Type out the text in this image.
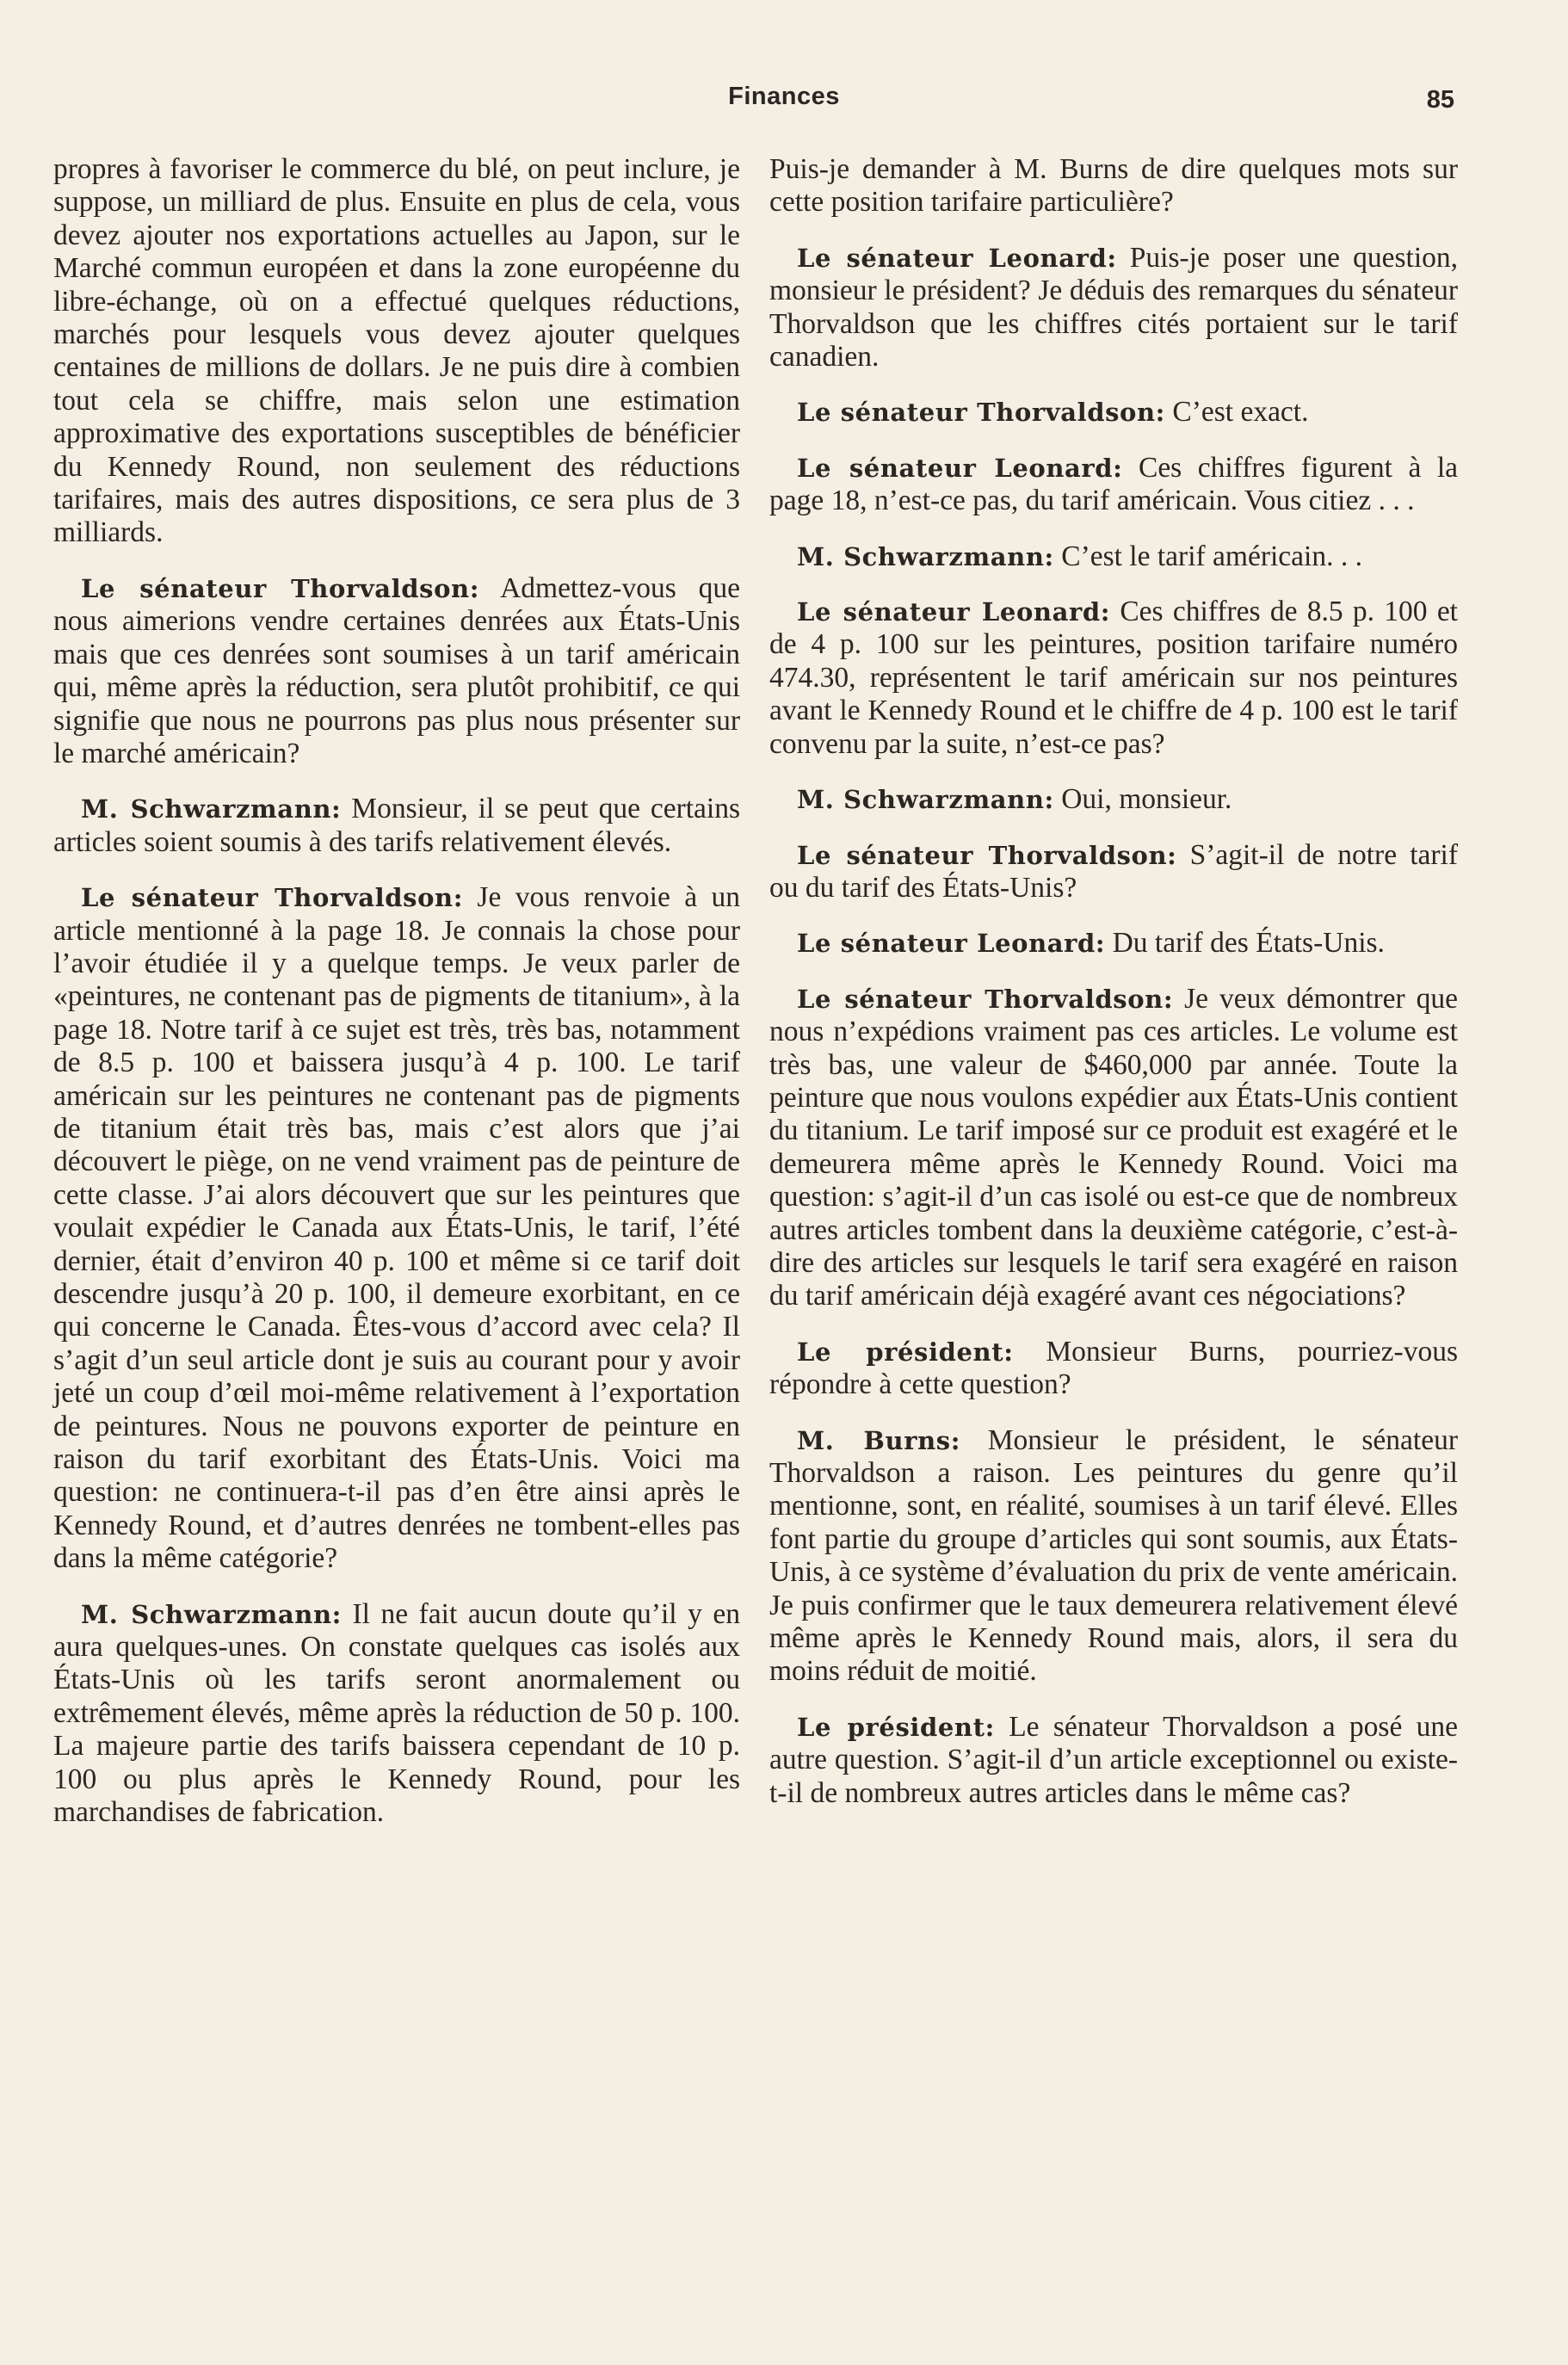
Finances	85

propres à favoriser le commerce du blé, on peut inclure, je suppose, un milliard de plus. Ensuite en plus de cela, vous devez ajouter nos exportations actuelles au Japon, sur le Marché commun européen et dans la zone européenne du libre-échange, où on a effectué quelques réductions, marchés pour lesquels vous devez ajouter quelques centaines de millions de dollars. Je ne puis dire à combien tout cela se chiffre, mais selon une estimation approximative des exportations susceptibles de bénéficier du Kennedy Round, non seulement des réductions tarifaires, mais des autres dispositions, ce sera plus de 3 milliards.

Le sénateur Thorvaldson: Admettez-vous que nous aimerions vendre certaines denrées aux États-Unis mais que ces denrées sont soumises à un tarif américain qui, même après la réduction, sera plutôt prohibitif, ce qui signifie que nous ne pourrons pas plus nous présenter sur le marché américain?

M. Schwarzmann: Monsieur, il se peut que certains articles soient soumis à des tarifs relativement élevés.

Le sénateur Thorvaldson: Je vous renvoie à un article mentionné à la page 18. Je connais la chose pour l’avoir étudiée il y a quelque temps. Je veux parler de «peintures, ne contenant pas de pigments de titanium», à la page 18. Notre tarif à ce sujet est très, très bas, notamment de 8.5 p. 100 et baissera jusqu’à 4 p. 100. Le tarif américain sur les peintures ne contenant pas de pigments de titanium était très bas, mais c’est alors que j’ai découvert le piège, on ne vend vraiment pas de peinture de cette classe. J’ai alors découvert que sur les peintures que voulait expédier le Canada aux États-Unis, le tarif, l’été dernier, était d’environ 40 p. 100 et même si ce tarif doit descendre jusqu’à 20 p. 100, il demeure exorbitant, en ce qui concerne le Canada. Êtes-vous d’accord avec cela? Il s’agit d’un seul article dont je suis au courant pour y avoir jeté un coup d’œil moi-même relativement à l’exportation de peintures. Nous ne pouvons exporter de peinture en raison du tarif exorbitant des États-Unis. Voici ma question: ne continuera-t-il pas d’en être ainsi après le Kennedy Round, et d’autres denrées ne tombent-elles pas dans la même catégorie?

M. Schwarzmann: Il ne fait aucun doute qu’il y en aura quelques-unes. On constate quelques cas isolés aux États-Unis où les tarifs seront anormalement ou extrêmement élevés, même après la réduction de 50 p. 100. La majeure partie des tarifs baissera cependant de 10 p. 100 ou plus après le Kennedy Round, pour les marchandises de fabrication.

Puis-je demander à M. Burns de dire quelques mots sur cette position tarifaire particulière?

Le sénateur Leonard: Puis-je poser une question, monsieur le président? Je déduis des remarques du sénateur Thorvaldson que les chiffres cités portaient sur le tarif canadien.

Le sénateur Thorvaldson: C’est exact.

Le sénateur Leonard: Ces chiffres figurent à la page 18, n’est-ce pas, du tarif américain. Vous citiez . . .

M. Schwarzmann: C’est le tarif américain. . .

Le sénateur Leonard: Ces chiffres de 8.5 p. 100 et de 4 p. 100 sur les peintures, position tarifaire numéro 474.30, représentent le tarif américain sur nos peintures avant le Kennedy Round et le chiffre de 4 p. 100 est le tarif convenu par la suite, n’est-ce pas?

M. Schwarzmann: Oui, monsieur.

Le sénateur Thorvaldson: S’agit-il de notre tarif ou du tarif des États-Unis?

Le sénateur Leonard: Du tarif des États-Unis.

Le sénateur Thorvaldson: Je veux démontrer que nous n’expédions vraiment pas ces articles. Le volume est très bas, une valeur de $460,000 par année. Toute la peinture que nous voulons expédier aux États-Unis contient du titanium. Le tarif imposé sur ce produit est exagéré et le demeurera même après le Kennedy Round. Voici ma question: s’agit-il d’un cas isolé ou est-ce que de nombreux autres articles tombent dans la deuxième catégorie, c’est-à-dire des articles sur lesquels le tarif sera exagéré en raison du tarif américain déjà exagéré avant ces négociations?

Le président: Monsieur Burns, pourriez-vous répondre à cette question?

M. Burns: Monsieur le président, le sénateur Thorvaldson a raison. Les peintures du genre qu’il mentionne, sont, en réalité, soumises à un tarif élevé. Elles font partie du groupe d’articles qui sont soumis, aux États-Unis, à ce système d’évaluation du prix de vente américain. Je puis confirmer que le taux demeurera relativement élevé même après le Kennedy Round mais, alors, il sera du moins réduit de moitié.

Le président: Le sénateur Thorvaldson a posé une autre question. S’agit-il d’un article exceptionnel ou existe-t-il de nombreux autres articles dans le même cas?
